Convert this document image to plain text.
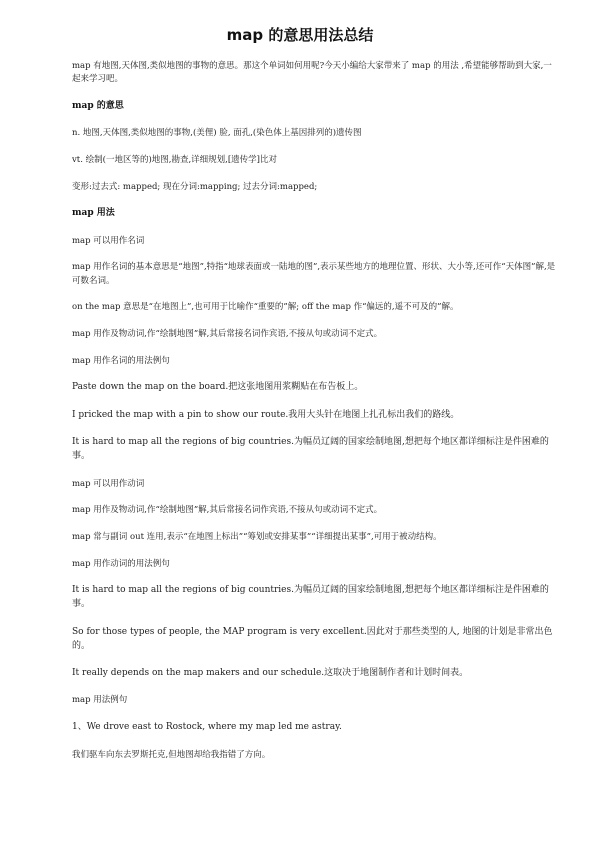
map 的意思用法总结

map 有地图,天体图,类似地图的事物的意思。那这个单词如何用呢?今天小编给大家带来了 map 的用法 ,希望能够帮助到大家,一起来学习吧。

map 的意思

n. 地图,天体图,类似地图的事物,(美俚) 脸, 面孔,(染色体上基因排列的)遗传图

vt. 绘制(一地区等的)地图,勘查,详细规划,[遗传学]比对

变形:过去式: mapped; 现在分词:mapping; 过去分词:mapped;

map 用法

map 可以用作名词

map 用作名词的基本意思是“地图”,特指“地球表面或一陆地的图”,表示某些地方的地理位置、形状、大小等,还可作“天体图”解,是可数名词。

on the map 意思是“在地图上”,也可用于比喻作“重要的”解; off the map 作“偏远的,遥不可及的”解。

map 用作及物动词,作“绘制地图”解,其后常接名词作宾语,不接从句或动词不定式。

map 用作名词的用法例句

Paste down the map on the board.把这张地图用浆糊贴在布告板上。

I pricked the map with a pin to show our route.我用大头针在地图上扎孔标出我们的路线。

It is hard to map all the regions of big countries.为幅员辽阔的国家绘制地图,想把每个地区都详细标注是件困难的事。

map 可以用作动词

map 用作及物动词,作“绘制地图”解,其后常接名词作宾语,不接从句或动词不定式。

map 常与副词 out 连用,表示“在地图上标出”“筹划或安排某事”“详细提出某事”,可用于被动结构。

map 用作动词的用法例句

It is hard to map all the regions of big countries.为幅员辽阔的国家绘制地图,想把每个地区都详细标注是件困难的事。

So for those types of people, the MAP program is very excellent.因此对于那些类型的人, 地图的计划是非常出色的。

It really depends on the map makers and our schedule.这取决于地图制作者和计划时间表。

map 用法例句

1、We drove east to Rostock, where my map led me astray.

我们驱车向东去罗斯托克,但地图却给我指错了方向。
